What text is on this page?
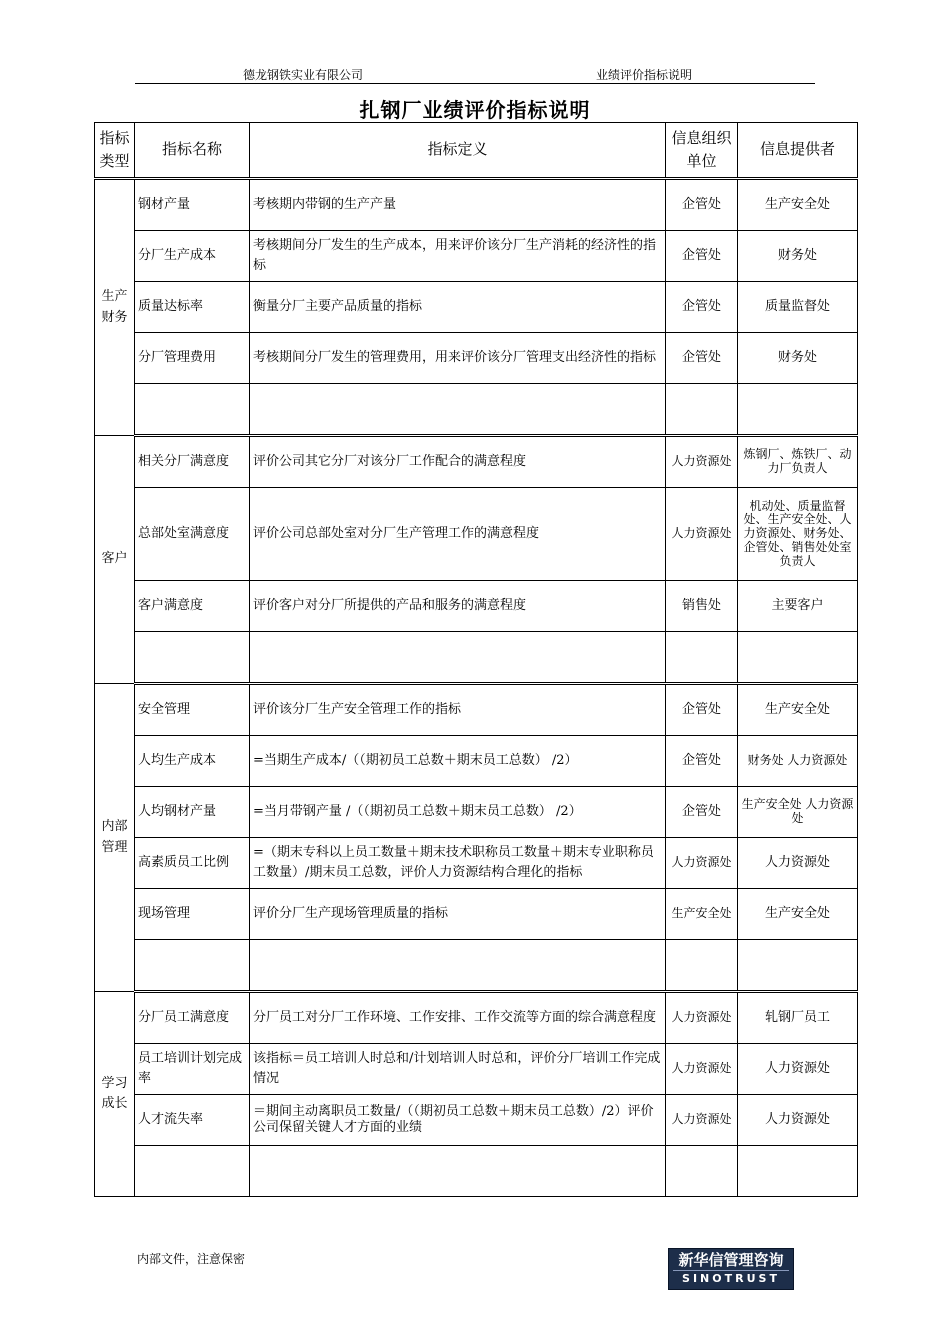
德龙钢铁实业有限公司	业绩评价指标说明
扎钢厂业绩评价指标说明
指标类型	指标名称	指标定义	信息组织单位	信息提供者
生产财务	钢材产量	考核期内带钢的生产产量	企管处	生产安全处
	分厂生产成本	考核期间分厂发生的生产成本，用来评价该分厂生产消耗的经济性的指标	企管处	财务处
	质量达标率	衡量分厂主要产品质量的指标	企管处	质量监督处
	分厂管理费用	考核期间分厂发生的管理费用，用来评价该分厂管理支出经济性的指标	企管处	财务处

客户	相关分厂满意度	评价公司其它分厂对该分厂工作配合的满意程度	人力资源处	炼钢厂、炼铁厂、动力厂负责人
	总部处室满意度	评价公司总部处室对分厂生产管理工作的满意程度	人力资源处	机动处、质量监督处、生产安全处、人力资源处、财务处、企管处、销售处处室负责人
	客户满意度	评价客户对分厂所提供的产品和服务的满意程度	销售处	主要客户

内部管理	安全管理	评价该分厂生产安全管理工作的指标	企管处	生产安全处
	人均生产成本	=当期生产成本/（（期初员工总数＋期末员工总数） /2）	企管处	财务处 人力资源处
	人均钢材产量	=当月带钢产量 /（（期初员工总数＋期末员工总数） /2）	企管处	生产安全处 人力资源处
	高素质员工比例	=（期末专科以上员工数量＋期末技术职称员工数量＋期末专业职称员工数量）/期末员工总数，评价人力资源结构合理化的指标	人力资源处	人力资源处
	现场管理	评价分厂生产现场管理质量的指标	生产安全处	生产安全处

学习成长	分厂员工满意度	分厂员工对分厂工作环境、工作安排、工作交流等方面的综合满意程度	人力资源处	轧钢厂员工
	员工培训计划完成率	该指标＝员工培训人时总和/计划培训人时总和，评价分厂培训工作完成情况	人力资源处	人力资源处
	人才流失率	＝期间主动离职员工数量/（（期初员工总数＋期末员工总数）/2）评价公司保留关键人才方面的业绩	人力资源处	人力资源处

内部文件，注意保密	新华信管理咨询
SINOTRUST
